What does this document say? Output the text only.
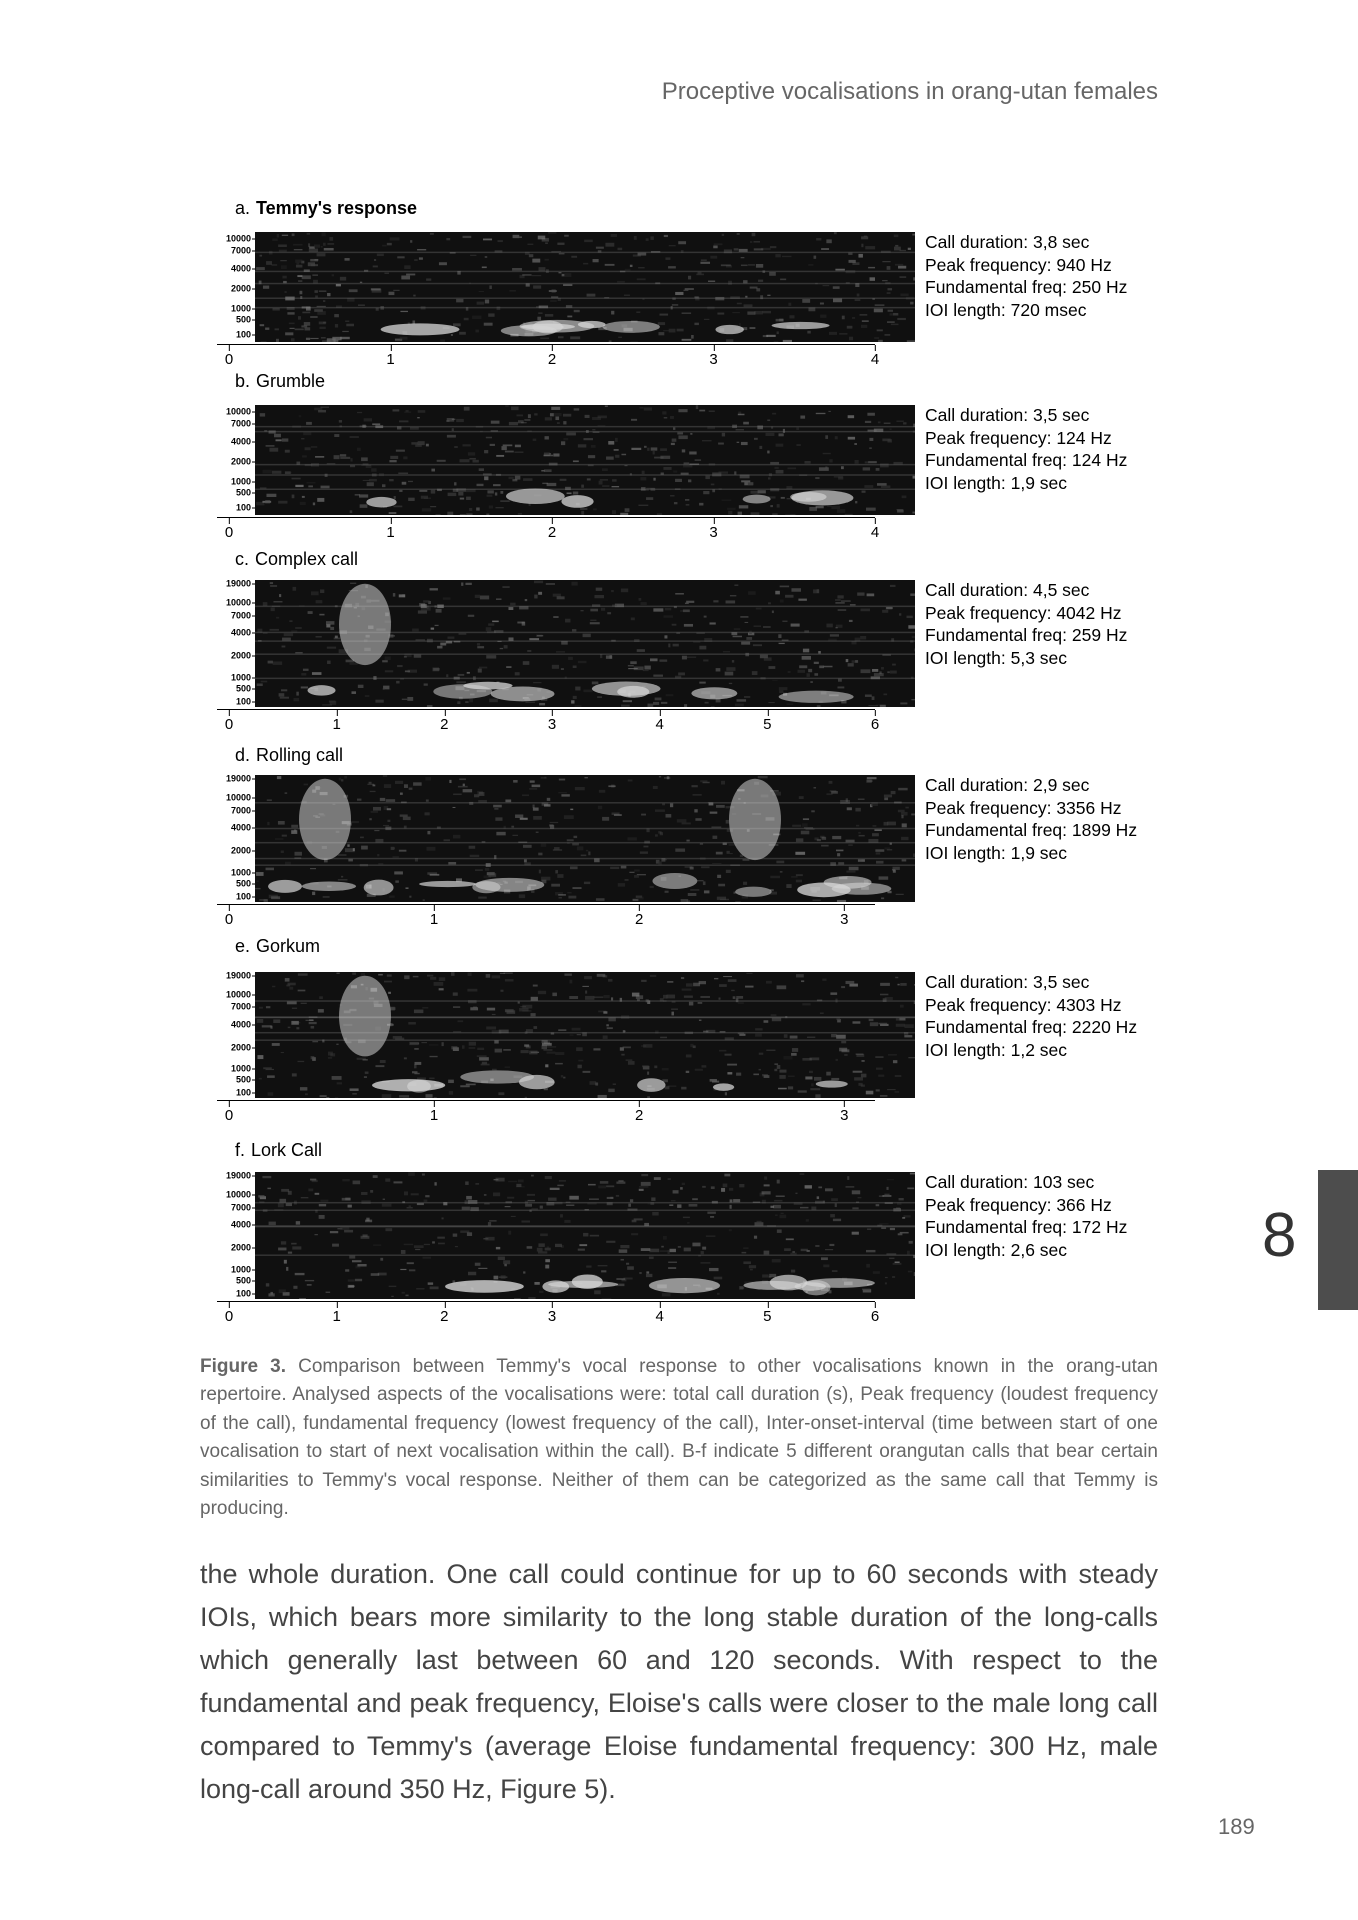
Proceptive vocalisations in orang-utan females
a. Temmy's response
10000
7000
4000
2000
1000
500
100
0	1	2	3	4
Call duration: 3,8 sec
Peak frequency: 940 Hz
Fundamental freq: 250 Hz
IOI length: 720 msec
b. Grumble
10000
7000
4000
2000
1000
500
100
0	1	2	3	4
Call duration: 3,5 sec
Peak frequency: 124 Hz
Fundamental freq: 124 Hz
IOI length: 1,9 sec
c. Complex call
19000
10000
7000
4000
2000
1000
500
100
0	1	2	3	4	5	6
Call duration: 4,5 sec
Peak frequency: 4042 Hz
Fundamental freq: 259 Hz
IOI length: 5,3 sec
d. Rolling call
19000
10000
7000
4000
2000
1000
500
100
0	1	2	3
Call duration: 2,9 sec
Peak frequency: 3356 Hz
Fundamental freq: 1899 Hz
IOI length: 1,9 sec
e. Gorkum
19000
10000
7000
4000
2000
1000
500
100
0	1	2	3
Call duration: 3,5 sec
Peak frequency: 4303 Hz
Fundamental freq: 2220 Hz
IOI length: 1,2 sec
f. Lork Call
19000
10000
7000
4000
2000
1000
500
100
0	1	2	3	4	5	6
Call duration: 103 sec
Peak frequency: 366 Hz
Fundamental freq: 172 Hz
IOI length: 2,6 sec
Figure 3. Comparison between Temmy's vocal response to other vocalisations known in the orang-utan repertoire. Analysed aspects of the vocalisations were: total call duration (s), Peak frequency (loudest frequency of the call), fundamental frequency (lowest frequency of the call), Inter-onset-interval (time between start of one vocalisation to start of next vocalisation within the call). B-f indicate 5 different orangutan calls that bear certain similarities to Temmy's vocal response. Neither of them can be categorized as the same call that Temmy is producing.
the whole duration. One call could continue for up to 60 seconds with steady IOIs, which bears more similarity to the long stable duration of the long-calls which generally last between 60 and 120 seconds. With respect to the fundamental and peak frequency, Eloise's calls were closer to the male long call compared to Temmy's (average Eloise fundamental frequency: 300 Hz, male long-call around 350 Hz, Figure 5).
8
189
